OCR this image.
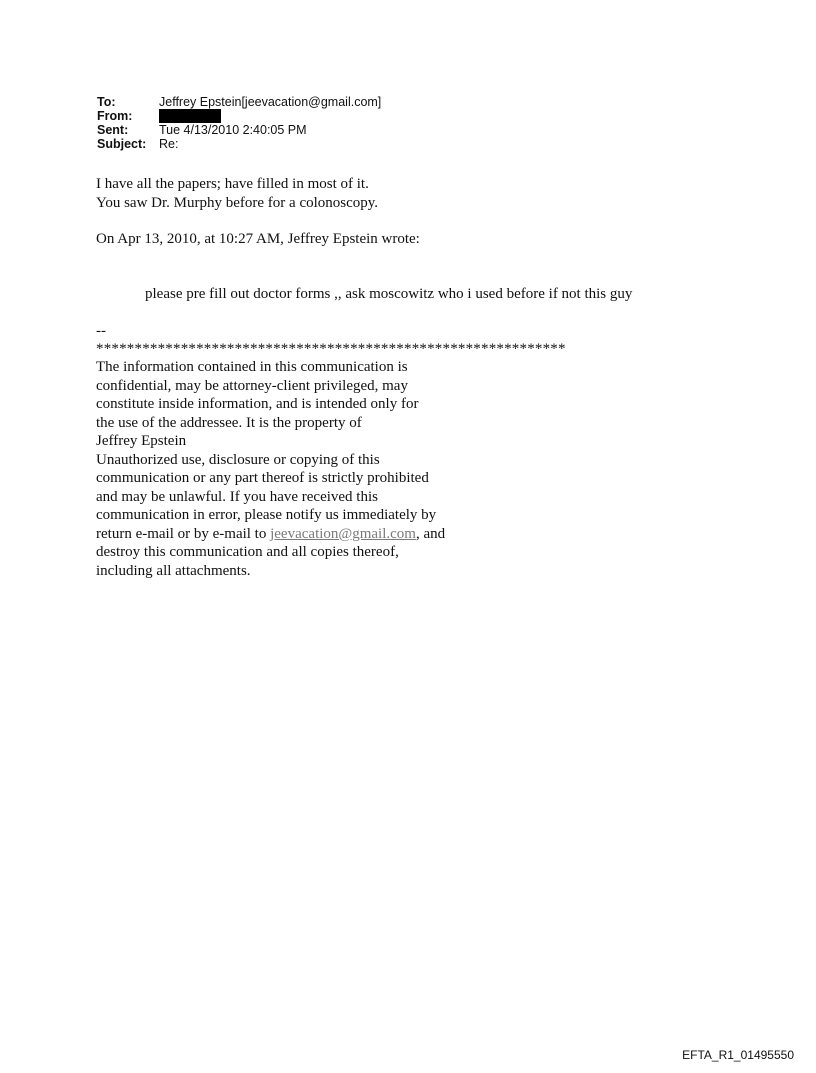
To:	Jeffrey Epstein[jeevacation@gmail.com]
From:
Sent:	Tue 4/13/2010 2:40:05 PM
Subject:	Re:
I have all the papers; have filled in most of it.
You saw Dr. Murphy before for a colonoscopy.
On Apr 13, 2010, at 10:27 AM, Jeffrey Epstein wrote:
please pre fill out doctor forms ,, ask moscowitz who i used before if not this guy
--
*************************************************************
The information contained in this communication is
confidential, may be attorney-client privileged, may
constitute inside information, and is intended only for
the use of the addressee. It is the property of
Jeffrey Epstein
Unauthorized use, disclosure or copying of this
communication or any part thereof is strictly prohibited
and may be unlawful. If you have received this
communication in error, please notify us immediately by
return e-mail or by e-mail to jeevacation@gmail.com, and
destroy this communication and all copies thereof,
including all attachments.
EFTA_R1_01495550
